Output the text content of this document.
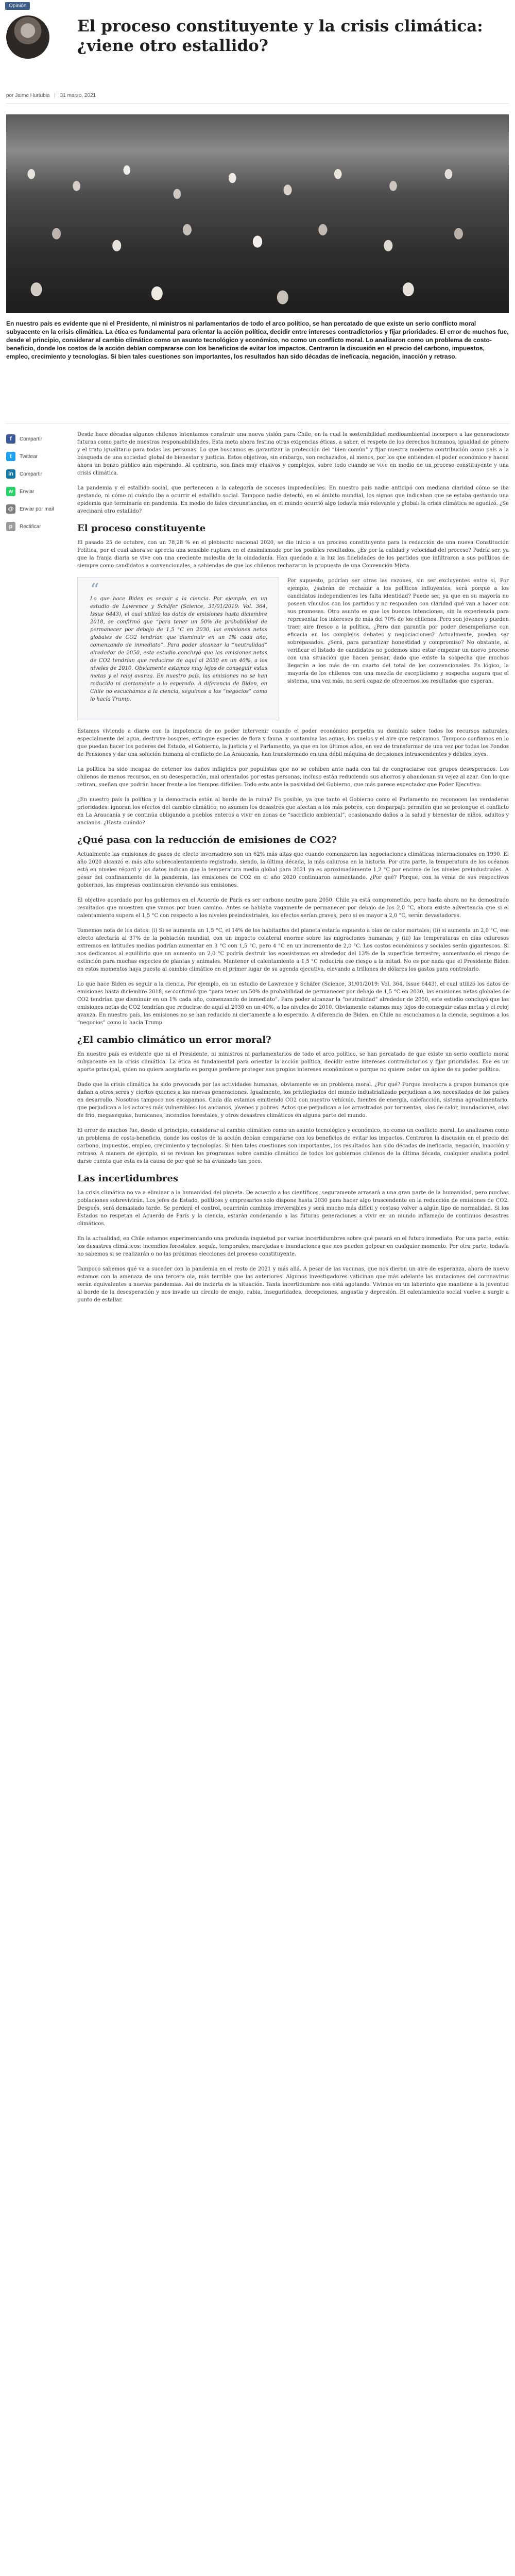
Opinión
El proceso constituyente y la crisis climática: ¿viene otro estallido?
por Jaime Hurtubia | 31 marzo, 2021

En nuestro país es evidente que ni el Presidente, ni ministros ni parlamentarios de todo el arco político, se han percatado de que existe un serio conflicto moral subyacente en la crisis climática. La ética es fundamental para orientar la acción política, decidir entre intereses contradictorios y fijar prioridades. El error de muchos fue, desde el principio, considerar al cambio climático como un asunto tecnológico y económico, no como un conflicto moral. Lo analizaron como un problema de costo-beneficio, donde los costos de la acción debían compararse con los beneficios de evitar los impactos. Centraron la discusión en el precio del carbono, impuestos, empleo, crecimiento y tecnologías. Si bien tales cuestiones son importantes, los resultados han sido décadas de ineficacia, negación, inacción y retraso.

f	Compartir
t	Twittear
in	Compartir
w	Enviar
@	Enviar por mail
p	Rectificar

Desde hace décadas algunos chilenos intentamos construir una nueva visión para Chile, en la cual la sostenibilidad medioambiental incorpore a las generaciones futuras como parte de nuestras responsabilidades. Esta meta ahora festina otras exigencias éticas, a saber, el respeto de los derechos humanos, igualdad de género y el trato igualitario para todas las personas. Lo que buscamos es garantizar la protección del “bien común” y fijar nuestra moderna contribución como país a la búsqueda de una sociedad global de bienestar y justicia. Estos objetivos, sin embargo, son rechazados, al menos, por los que entienden el poder económico y hacen ahora un bonzo público aún esperando. Al contrario, son fines muy elusivos y complejos, sobre todo cuando se vive en medio de un proceso constituyente y una crisis climática.

La pandemia y el estallido social, que pertenecen a la categoría de sucesos impredecibles. En nuestro país nadie anticipó con mediana claridad cómo se iba gestando, ni cómo ni cuándo iba a ocurrir el estallido social. Tampoco nadie detectó, en el ámbito mundial, los signos que indicaban que se estaba gestando una epidemia que terminaría en pandemia. En medio de tales circunstancias, en el mundo ocurrió algo todavía más relevante y global: la crisis climática se agudizó. ¿Se avecinará otro estallido?

El proceso constituyente

El pasado 25 de octubre, con un 78,28 % en el plebiscito nacional 2020, se dio inicio a un proceso constituyente para la redacción de una nueva Constitución Política, por el cual ahora se aprecia una sensible ruptura en el ensimismado por los posibles resultados. ¿Es por la calidad y velocidad del proceso? Podría ser, ya que la franja diaria se vive con una creciente molestia de la ciudadanía. Han quedado a la luz las fidelidades de los partidos que infiltraron a sus políticos de siempre como candidatos a convencionales, a sabiendas de que los chilenos rechazaron la propuesta de una Convención Mixta.

“

Lo que hace Biden es seguir a la ciencia. Por ejemplo, en un estudio de Lawrence y Schäfer (Science, 31/01/2019: Vol. 364, Issue 6443), el cual utilizó los datos de emisiones hasta diciembre 2018, se confirmó que “para tener un 50% de probabilidad de permanecer por debajo de 1,5 °C en 2030, las emisiones netas globales de CO2 tendrían que disminuir en un 1% cada año, comenzando de inmediato”. Para poder alcanzar la “neutralidad” alrededor de 2050, este estudio concluyó que las emisiones netas de CO2 tendrían que reducirse de aquí al 2030 en un 40%, a los niveles de 2010. Obviamente estamos muy lejos de conseguir estas metas y el reloj avanza. En nuestro país, las emisiones no se han reducido ni ciertamente a lo esperado. A diferencia de Biden, en Chile no escuchamos a la ciencia, seguimos a los “negocios” como lo hacía Trump.

Por supuesto, podrían ser otras las razones, sin ser excluyentes entre sí. Por ejemplo, ¿sabrán de rechazar a los políticos influyentes, será porque a los candidatos independientes les falta identidad? Puede ser, ya que en su mayoría no poseen vínculos con los partidos y no responden con claridad qué van a hacer con sus promesas. Otro asunto es que los buenos intenciones, sin la experiencia para representar los intereses de más del 70% de los chilenos. Pero son jóvenes y pueden traer aire fresco a la política. ¿Pero dan garantía por poder desempeñarse con eficacia en los complejos debates y negociaciones? Actualmente, pueden ser sobrepasados. ¿Será, para garantizar honestidad y compromiso? No obstante, al verificar el listado de candidatos no podemos sino estar empezar un nuevo proceso con una situación que hacen pensar, dado que existe la sospecha que muchos llegarán a los más de un cuarto del total de los convencionales. Es lógico, la mayoría de los chilenos con una mezcla de escepticismo y sospecha augura que el sistema, una vez más, no será capaz de ofrecernos los resultados que esperan.

Estamos viviendo a diario con la impotencia de no poder intervenir cuando el poder económico perpetra su dominio sobre todos los recursos naturales, especialmente del agua, destruye bosques, extingue especies de flora y fauna, y contamina las aguas, los suelos y el aire que respiramos. Tampoco confiamos en lo que puedan hacer los poderes del Estado, el Gobierno, la justicia y el Parlamento, ya que en los últimos años, en vez de transformar de una vez por todas los Fondos de Pensiones y dar una solución humana al conflicto de La Araucanía, han transformado en una débil máquina de decisiones intrascendentes y débiles leyes.

La política ha sido incapaz de detener los daños infligidos por populistas que no se cohíben ante nada con tal de congraciarse con grupos desesperados. Los chilenos de menos recursos, en su desesperación, mal orientados por estas personas, incluso están reduciendo sus ahorros y abandonan su vejez al azar. Con lo que retiran, sueñan que podrán hacer frente a los tiempos difíciles. Todo esto ante la pasividad del Gobierno, que más parece espectador que Poder Ejecutivo.

¿En nuestro país la política y la democracia están al borde de la ruina? Es posible, ya que tanto el Gobierno como el Parlamento no reconocen las verdaderas prioridades: ignoran los efectos del cambio climático, no asumen los desastres que afectan a los más pobres, con desparpajo permiten que se prolongue el conflicto en La Araucanía y se continúa obligando a pueblos enteros a vivir en zonas de “sacrificio ambiental”, ocasionando daños a la salud y bienestar de niños, adultos y ancianos. ¿Hasta cuándo?

¿Qué pasa con la reducción de emisiones de CO2?

Actualmente las emisiones de gases de efecto invernadero son un 62% más altas que cuando comenzaron las negociaciones climáticas internacionales en 1990. El año 2020 alcanzó el más alto sobrecalentamiento registrado, siendo, la última década, la más calurosa en la historia. Por otra parte, la temperatura de los océanos está en niveles récord y los datos indican que la temperatura media global para 2021 ya es aproximadamente 1,2 °C por encima de los niveles preindustriales. A pesar del confinamiento de la pandemia, las emisiones de CO2 en el año 2020 continuaron aumentando. ¿Por qué? Porque, con la venia de sus respectivos gobiernos, las empresas continuaron elevando sus emisiones.

El objetivo acordado por los gobiernos en el Acuerdo de París es ser carbono neutro para 2050. Chile ya está comprometido, pero hasta ahora no ha demostrado resultados que muestren que vamos por buen camino. Antes se hablaba vagamente de permanecer por debajo de los 2,0 °C, ahora existe advertencia que si el calentamiento supera el 1,5 °C con respecto a los niveles preindustriales, los efectos serían graves, pero si es mayor a 2,0 °C, serán devastadores.

Tomemos nota de los datos: (i) Si se aumenta un 1,5 °C, el 14% de los habitantes del planeta estaría expuesto a olas de calor mortales; (ii) si aumenta un 2,0 °C, ese efecto afectaría al 37% de la población mundial, con un impacto colateral enorme sobre las migraciones humanas; y (iii) las temperaturas en días calurosos extremos en latitudes medias podrían aumentar en 3 °C con 1,5 °C, pero 4 °C en un incremento de 2,0 °C. Los costos económicos y sociales serán gigantescos. Si nos dedicamos al equilibrio que un aumento un 2,0 °C podría destruir los ecosistemas en alrededor del 13% de la superficie terrestre, aumentando el riesgo de extinción para muchas especies de plantas y animales. Mantener el calentamiento a 1,5 °C reduciría ese riesgo a la mitad. No es por nada que el Presidente Biden en estos momentos haya puesto al cambio climático en el primer lugar de su agenda ejecutiva, elevando a trillones de dólares los gastos para controlarlo.

Lo que hace Biden es seguir a la ciencia. Por ejemplo, en un estudio de Lawrence y Schäfer (Science, 31/01/2019: Vol. 364, Issue 6443), el cual utilizó los datos de emisiones hasta diciembre 2018, se confirmó que “para tener un 50% de probabilidad de permanecer por debajo de 1,5 °C en 2030, las emisiones netas globales de CO2 tendrían que disminuir en un 1% cada año, comenzando de inmediato”. Para poder alcanzar la “neutralidad” alrededor de 2050, este estudio concluyó que las emisiones netas de CO2 tendrían que reducirse de aquí al 2030 en un 40%, a los niveles de 2010. Obviamente estamos muy lejos de conseguir estas metas y el reloj avanza. En nuestro país, las emisiones no se han reducido ni ciertamente a lo esperado. A diferencia de Biden, en Chile no escuchamos a la ciencia, seguimos a los “negocios” como lo hacía Trump.

¿El cambio climático un error moral?

En nuestro país es evidente que ni el Presidente, ni ministros ni parlamentarios de todo el arco político, se han percatado de que existe un serio conflicto moral subyacente en la crisis climática. La ética es fundamental para orientar la acción política, decidir entre intereses contradictorios y fijar prioridades. Ese es un aporte principal, quien no quiera aceptarlo es porque prefiere proteger sus propios intereses económicos o porque no quiere ceder un ápice de su poder político.

Dado que la crisis climática ha sido provocada por las actividades humanas, obviamente es un problema moral. ¿Por qué? Porque involucra a grupos humanos que dañan a otros seres y ciertos quienes a las nuevas generaciones. Igualmente, los privilegiados del mundo industrializado perjudican a los necesitados de los países en desarrollo. Nosotros tampoco nos escapamos. Cada día estamos emitiendo CO2 con nuestro vehículo, fuentes de energía, calefacción, sistema agroalimentario, que perjudican a los actores más vulnerables: los ancianos, jóvenes y pobres. Actos que perjudican a los arrastrados por tormentas, olas de calor, inundaciones, olas de frío, megasequías, huracanes, incendios forestales, y otros desastres climáticos en alguna parte del mundo.

El error de muchos fue, desde el principio, considerar al cambio climático como un asunto tecnológico y económico, no como un conflicto moral. Lo analizaron como un problema de costo-beneficio, donde los costos de la acción debían compararse con los beneficios de evitar los impactos. Centraron la discusión en el precio del carbono, impuestos, empleo, crecimiento y tecnologías. Si bien tales cuestiones son importantes, los resultados han sido décadas de ineficacia, negación, inacción y retraso. A manera de ejemplo, si se revisan los programas sobre cambio climático de todos los gobiernos chilenos de la última década, cualquier analista podrá darse cuenta que esta es la causa de por qué se ha avanzado tan poco.

Las incertidumbres

La crisis climática no va a eliminar a la humanidad del planeta. De acuerdo a los científicos, seguramente arrasará a una gran parte de la humanidad, pero muchas poblaciones sobrevivirán. Los jefes de Estado, políticos y empresarios solo dispone hasta 2030 para hacer algo trascendente en la reducción de emisiones de CO2. Después, será demasiado tarde. Se perderá el control, ocurrirán cambios irreversibles y será mucho más difícil y costoso volver a algún tipo de normalidad. Si los Estados no respetan el Acuerdo de París y la ciencia, estarán condenando a las futuras generaciones a vivir en un mundo inflamado de continuos desastres climáticos.

En la actualidad, en Chile estamos experimentando una profunda inquietud por varias incertidumbres sobre qué pasará en el futuro inmediato. Por una parte, están los desastres climáticos: incendios forestales, sequía, temporales, marejadas e inundaciones que nos pueden golpear en cualquier momento. Por otra parte, todavía no sabemos si se realizarán o no las próximas elecciones del proceso constituyente.

Tampoco sabemos qué va a suceder con la pandemia en el resto de 2021 y más allá. A pesar de las vacunas, que nos dieron un aire de esperanza, ahora de nuevo estamos con la amenaza de una tercera ola, más terrible que las anteriores. Algunos investigadores vaticinan que más adelante las mutaciones del coronavirus serán equivalentes a nuevas pandemias. Así de incierta es la situación. Tanta incertidumbre nos está agotando. Vivimos en un laberinto que mantiene a la juventud al borde de la desesperación y nos invade un círculo de enojo, rabia, inseguridades, decepciones, angustia y depresión. El calentamiento social vuelve a surgir a punto de estallar.
